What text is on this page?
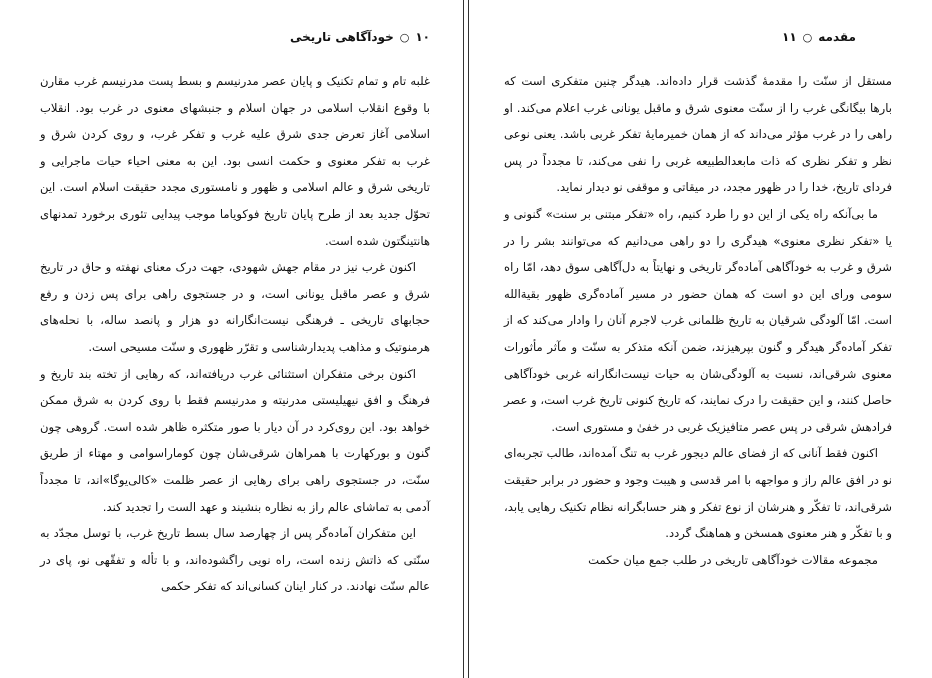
۱۰
○
خودآگاهی تاریخی

غلبه تام و تمام تکنیک و پایان عصر مدرنیسم و بسط پست مدرنیسم غرب مقارن با وقوع انقلاب اسلامی در جهان اسلام و جنبشهای معنوی در غرب بود. انقلاب اسلامی آغاز تعرض جدی شرق علیه غرب و تفکر غرب، و روی کردن شرق و غرب به تفکر معنوی و حکمت انسی بود. این به معنی احیاء حیات ماجرایی و تاریخی شرق و عالم اسلامی و ظهور و نامستوری مجدد حقیقت اسلام است. این تحوّل جدید بعد از طرح پایان تاریخ فوکویاما موجب پیدایی تئوری برخورد تمدنهای هانتینگتون شده است.

اکنون غرب نیز در مقام جهش شهودی، جهت درک معنای نهفته و حاق در تاریخ شرق و عصر ماقبل یونانی است، و در جستجوی راهی برای پس زدن و رفع حجابهای تاریخی ـ فرهنگی نیست‌انگارانه دو هزار و پانصد ساله، با نحله‌های هرمنوتیک و مذاهب پدیدارشناسی و تقرّر ظهوری و سنّت مسیحی است.

اکنون برخی متفکران استثنائی غرب دریافته‌اند، که رهایی از تخته بند تاریخ و فرهنگ و افق نیهیلیستی مدرنیته و مدرنیسم فقط با روی کردن به شرق ممکن خواهد بود. این روی‌کرد در آن دیار با صور متکثره ظاهر شده است. گروهی چون گنون و بورکهارت با همراهان شرقی‌شان چون کوماراسوامی و مهتاء از طریق سنّت، در جستجوی راهی برای رهایی از عصر ظلمت «کالی‌یوگا»اند، تا مجدداً آدمی به تماشای عالم راز به نظاره بنشیند و عهد الست را تجدید کند.

این متفکران آماده‌گر پس از چهارصد سال بسط تاریخ غرب، با توسل مجدّد به سنّتی که ذاتش زنده است، راه نویی راگشوده‌اند، و با تأله و تفقّهی نو، پای در عالم سنّت نهادند. در کنار اینان کسانی‌اند که تفکر حکمی

مقدمه
○
۱۱

مستقل از سنّت را مقدمهٔ گذشت قرار داده‌اند. هیدگر چنین متفکری است که بارها بیگانگی غرب را از سنّت معنوی شرق و ماقبل یونانی غرب اعلام می‌کند. او راهی را در غرب مؤثر می‌داند که از همان خمیرمایهٔ تفکر غربی باشد. یعنی نوعی نظر و تفکر نظری که ذات مابعدالطبیعه غربی را نفی می‌کند، تا مجدداً در پس فردای تاریخ، خدا را در ظهور مجدد، در میقاتی و موقفی نو دیدار نماید.

ما بی‌آنکه راه یکی از این دو را طرد کنیم، راه «تفکر مبتنی بر سنت» گنونی و یا «تفکر نظری معنوی» هیدگری را دو راهی می‌دانیم که می‌توانند بشر را در شرق و غرب به خودآگاهی آماده‌گر تاریخی و نهایتاً به دل‌آگاهی سوق دهد، امّا راه سومی ورای این دو است که همان حضور در مسیر آماده‌گری ظهور بقیةالله است. امّا آلودگی شرقیان به تاریخ ظلمانی غرب لاجرم آنان را وادار می‌کند که از تفکر آماده‌گر هیدگر و گنون بپرهیزند، ضمن آنکه متذکر به سنّت و مآثر مأثورات معنوی شرقی‌اند، نسبت به آلودگی‌شان به حیات نیست‌انگارانه غربی خودآگاهی حاصل کنند، و این حقیقت را درک نمایند، که تاریخ کنونی تاریخ غرب است، و عصر فرادهش شرقی در پس عصر متافیزیک غربی در خفیٰ و مستوری است.

اکنون فقط آنانی که از فضای عالم دیجور غرب به تنگ آمده‌اند، طالب تجربه‌ای نو در افق عالم راز و مواجهه با امر قدسی و هیبت وجود و حضور در برابر حقیقت شرقی‌اند، تا تفکّر و هنرشان از نوع تفکر و هنر حسابگرانه نظام تکنیک رهایی یابد، و با تفکّر و هنر معنوی همسخن و هماهنگ گردد.

مجموعه مقالات خودآگاهی تاریخی در طلب جمع میان حکمت
